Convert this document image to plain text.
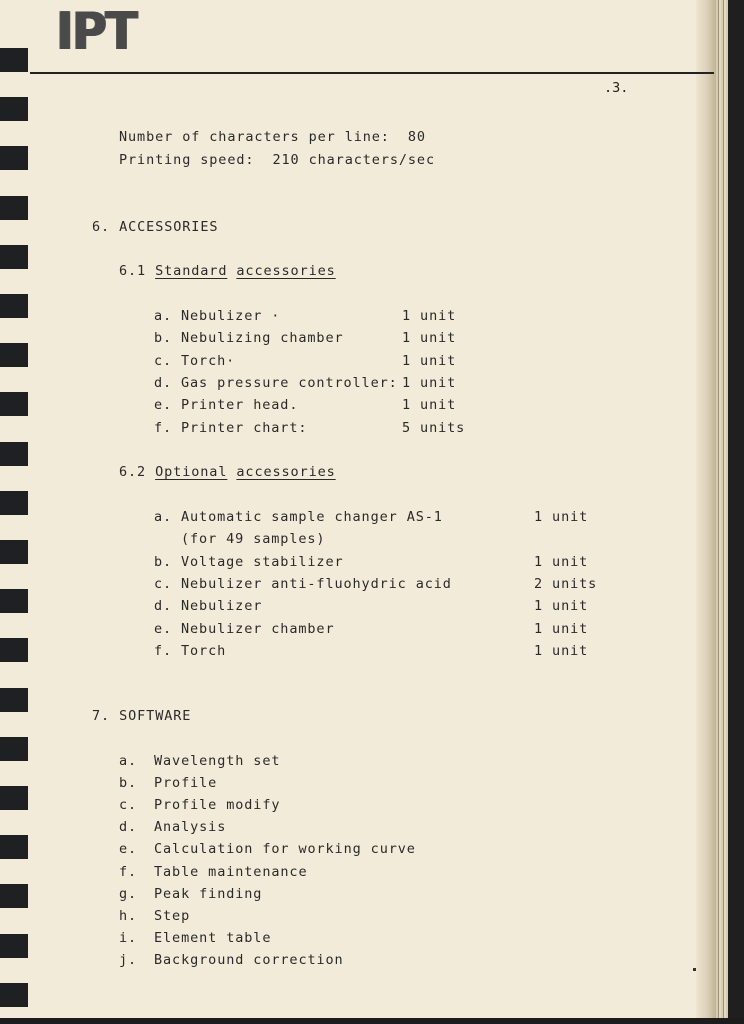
IPT
.3.
Number of characters per line: 80
Printing speed: 210 characters/sec
6. ACCESSORIES
6.1 Standard accessories
a. Nebulizer ·	1 unit
b. Nebulizing chamber	1 unit
c. Torch·	1 unit
d. Gas pressure controller: 1 unit
e. Printer head.	1 unit
f. Printer chart:	5 units
6.2 Optional accessories
a. Automatic sample changer AS-1	1 unit
(for 49 samples)
b. Voltage stabilizer	1 unit
c. Nebulizer anti-fluohydric acid	2 units
d. Nebulizer	1 unit
e. Nebulizer chamber	1 unit
f. Torch	1 unit
7. SOFTWARE
a. Wavelength set
b. Profile
c. Profile modify
d. Analysis
e. Calculation for working curve
f. Table maintenance
g. Peak finding
h. Step
i. Element table
j. Background correction
